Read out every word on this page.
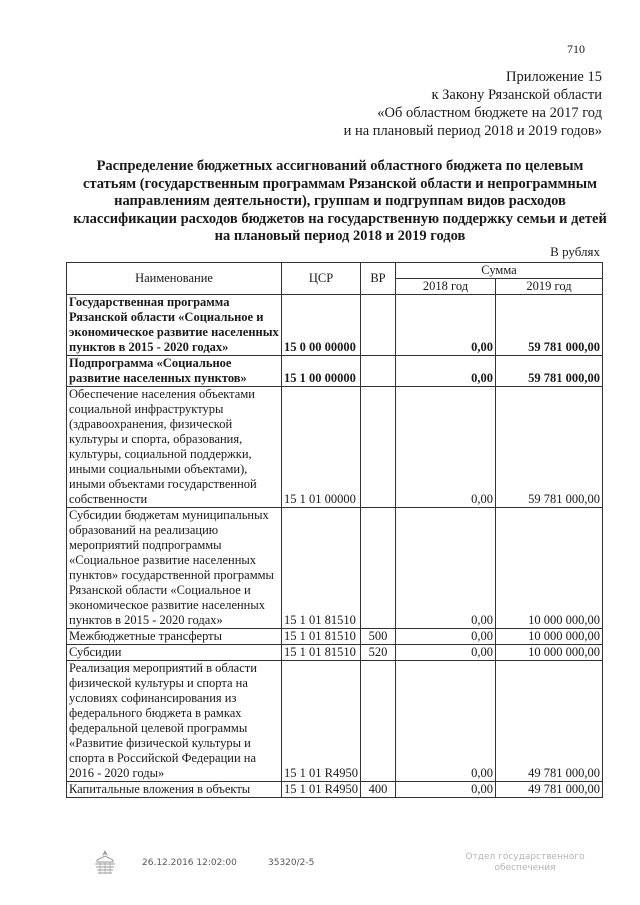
710
Приложение 15
к Закону Рязанской области
«Об областном бюджете на 2017 год
и на плановый период 2018 и 2019 годов»
Распределение бюджетных ассигнований областного бюджета по целевым статьям (государственным программам Рязанской области и непрограммным направлениям деятельности), группам и подгруппам видов расходов классификации расходов бюджетов на государственную поддержку семьи и детей на плановый период 2018 и 2019 годов
В рублях
Наименование	ЦСР	ВР	Сумма	
			2018 год	2019 год
Государственная программа Рязанской области «Социальное и экономическое развитие населенных пунктов в 2015 - 2020 годах»	15 0 00 00000		0,00	59 781 000,00
Подпрограмма «Социальное развитие населенных пунктов»	15 1 00 00000		0,00	59 781 000,00
Обеспечение населения объектами социальной инфраструктуры (здравоохранения, физической культуры и спорта, образования, культуры, социальной поддержки, иными социальными объектами), иными объектами государственной собственности	15 1 01 00000		0,00	59 781 000,00
Субсидии бюджетам муниципальных образований на реализацию мероприятий подпрограммы «Социальное развитие населенных пунктов» государственной программы Рязанской области «Социальное и экономическое развитие населенных пунктов в 2015 - 2020 годах»	15 1 01 81510		0,00	10 000 000,00
Межбюджетные трансферты	15 1 01 81510	500	0,00	10 000 000,00
Субсидии	15 1 01 81510	520	0,00	10 000 000,00
Реализация мероприятий в области физической культуры и спорта на условиях софинансирования из федерального бюджета в рамках федеральной целевой программы «Развитие физической культуры и спорта в Российской Федерации на 2016 - 2020 годы»	15 1 01 R4950		0,00	49 781 000,00
Капитальные вложения в объекты	15 1 01 R4950	400	0,00	49 781 000,00
26.12.2016 12:02:00	35320/2-5
Отдел государственного обеспечения
